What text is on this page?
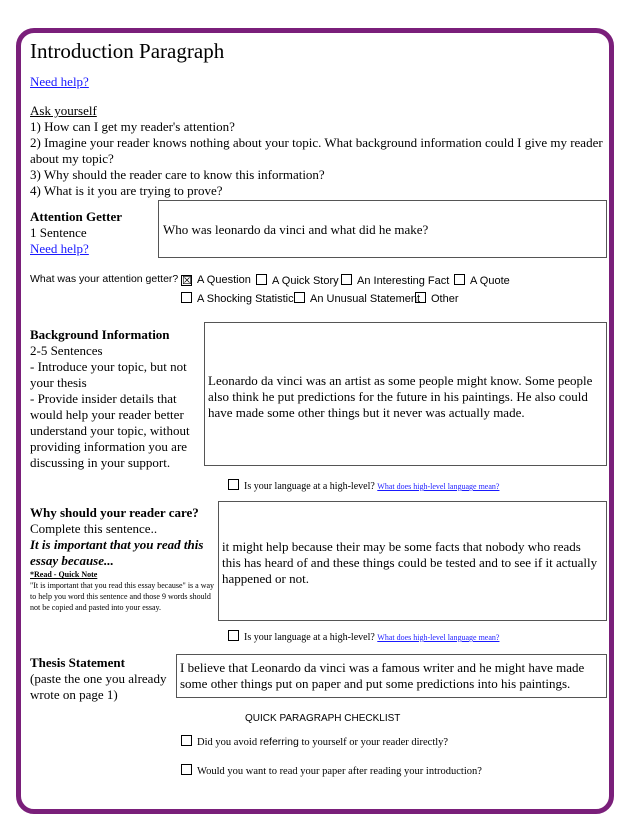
Introduction Paragraph
Need help?
Ask yourself
1) How can I get my reader's attention?
2) Imagine your reader knows nothing about your topic. What background information could I give my reader about my topic?
3) Why should the reader care to know this information?
4) What is it you are trying to prove?
Attention Getter
1 Sentence
Need help?
Who was leonardo da vinci and what did he make?
What was your attention getter? ☒ A Question	A Quick Story	An Interesting Fact	A Quote
A Shocking Statistic	An Unusual Statement Other
Background Information
2-5 Sentences
- Introduce your topic, but not your thesis
- Provide insider details that would help your reader better understand your topic, without providing information you are discussing in your support.
Leonardo da vinci was an artist as some people might know. Some people also think he put predictions for the future in his paintings. He also could have made some other things but it never was actually made.
Is your language at a high-level? What does high-level language mean?
Why should your reader care?
Complete this sentence..
It is important that you read this essay because...
*Read - Quick Note
"It is important that you read this essay because" is a way to help you word this sentence and those 9 words should not be copied and pasted into your essay.
it might help because their may be some facts that nobody who reads this has heard of and these things could be tested and to see if it actually happened or not.
Is your language at a high-level? What does high-level language mean?
Thesis Statement
(paste the one you already wrote on page 1)
I believe that Leonardo da vinci was a famous writer and he might have made some other things put on paper and put some predictions into his paintings.
QUICK PARAGRAPH CHECKLIST
Did you avoid referring to yourself or your reader directly?
Would you want to read your paper after reading your introduction?
